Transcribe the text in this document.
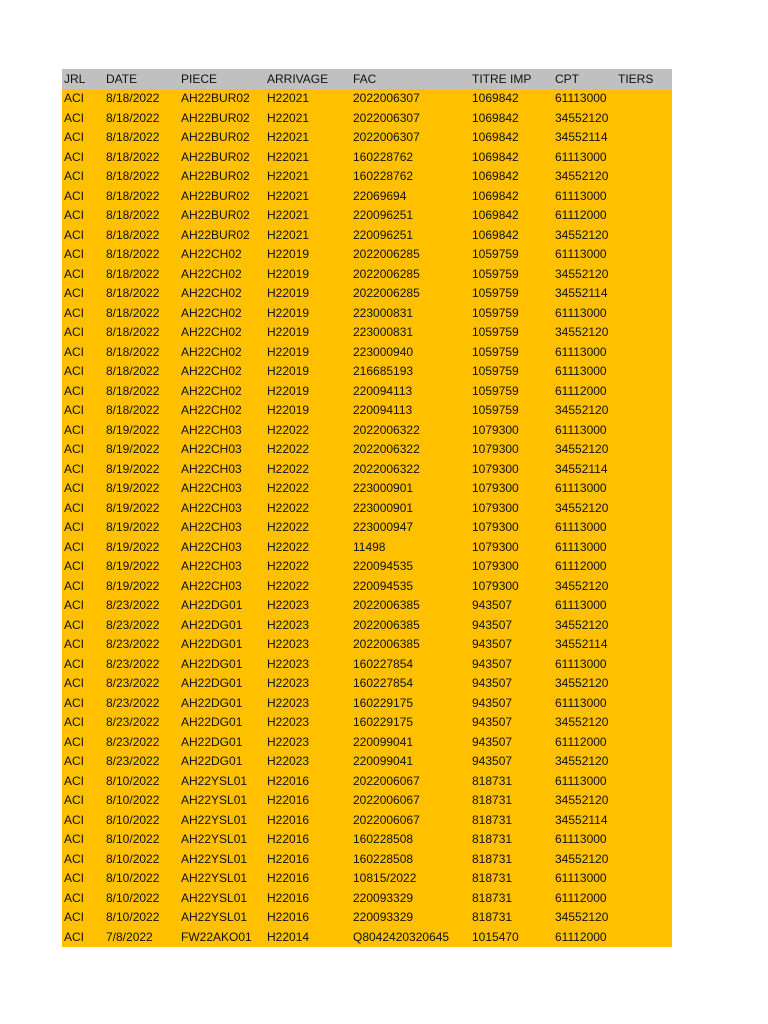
JRL	DATE	PIECE	ARRIVAGE	FAC	TITRE IMP	CPT	TIERS
ACI	8/18/2022	AH22BUR02	H22021	2022006307	1069842	61113000	
ACI	8/18/2022	AH22BUR02	H22021	2022006307	1069842	34552120	
ACI	8/18/2022	AH22BUR02	H22021	2022006307	1069842	34552114	
ACI	8/18/2022	AH22BUR02	H22021	160228762	1069842	61113000	
ACI	8/18/2022	AH22BUR02	H22021	160228762	1069842	34552120	
ACI	8/18/2022	AH22BUR02	H22021	22069694	1069842	61113000	
ACI	8/18/2022	AH22BUR02	H22021	220096251	1069842	61112000	
ACI	8/18/2022	AH22BUR02	H22021	220096251	1069842	34552120	
ACI	8/18/2022	AH22CH02	H22019	2022006285	1059759	61113000	
ACI	8/18/2022	AH22CH02	H22019	2022006285	1059759	34552120	
ACI	8/18/2022	AH22CH02	H22019	2022006285	1059759	34552114	
ACI	8/18/2022	AH22CH02	H22019	223000831	1059759	61113000	
ACI	8/18/2022	AH22CH02	H22019	223000831	1059759	34552120	
ACI	8/18/2022	AH22CH02	H22019	223000940	1059759	61113000	
ACI	8/18/2022	AH22CH02	H22019	216685193	1059759	61113000	
ACI	8/18/2022	AH22CH02	H22019	220094113	1059759	61112000	
ACI	8/18/2022	AH22CH02	H22019	220094113	1059759	34552120	
ACI	8/19/2022	AH22CH03	H22022	2022006322	1079300	61113000	
ACI	8/19/2022	AH22CH03	H22022	2022006322	1079300	34552120	
ACI	8/19/2022	AH22CH03	H22022	2022006322	1079300	34552114	
ACI	8/19/2022	AH22CH03	H22022	223000901	1079300	61113000	
ACI	8/19/2022	AH22CH03	H22022	223000901	1079300	34552120	
ACI	8/19/2022	AH22CH03	H22022	223000947	1079300	61113000	
ACI	8/19/2022	AH22CH03	H22022	11498	1079300	61113000	
ACI	8/19/2022	AH22CH03	H22022	220094535	1079300	61112000	
ACI	8/19/2022	AH22CH03	H22022	220094535	1079300	34552120	
ACI	8/23/2022	AH22DG01	H22023	2022006385	943507	61113000	
ACI	8/23/2022	AH22DG01	H22023	2022006385	943507	34552120	
ACI	8/23/2022	AH22DG01	H22023	2022006385	943507	34552114	
ACI	8/23/2022	AH22DG01	H22023	160227854	943507	61113000	
ACI	8/23/2022	AH22DG01	H22023	160227854	943507	34552120	
ACI	8/23/2022	AH22DG01	H22023	160229175	943507	61113000	
ACI	8/23/2022	AH22DG01	H22023	160229175	943507	34552120	
ACI	8/23/2022	AH22DG01	H22023	220099041	943507	61112000	
ACI	8/23/2022	AH22DG01	H22023	220099041	943507	34552120	
ACI	8/10/2022	AH22YSL01	H22016	2022006067	818731	61113000	
ACI	8/10/2022	AH22YSL01	H22016	2022006067	818731	34552120	
ACI	8/10/2022	AH22YSL01	H22016	2022006067	818731	34552114	
ACI	8/10/2022	AH22YSL01	H22016	160228508	818731	61113000	
ACI	8/10/2022	AH22YSL01	H22016	160228508	818731	34552120	
ACI	8/10/2022	AH22YSL01	H22016	10815/2022	818731	61113000	
ACI	8/10/2022	AH22YSL01	H22016	220093329	818731	61112000	
ACI	8/10/2022	AH22YSL01	H22016	220093329	818731	34552120	
ACI	7/8/2022	FW22AKO01	H22014	Q8042420320645	1015470	61112000	
